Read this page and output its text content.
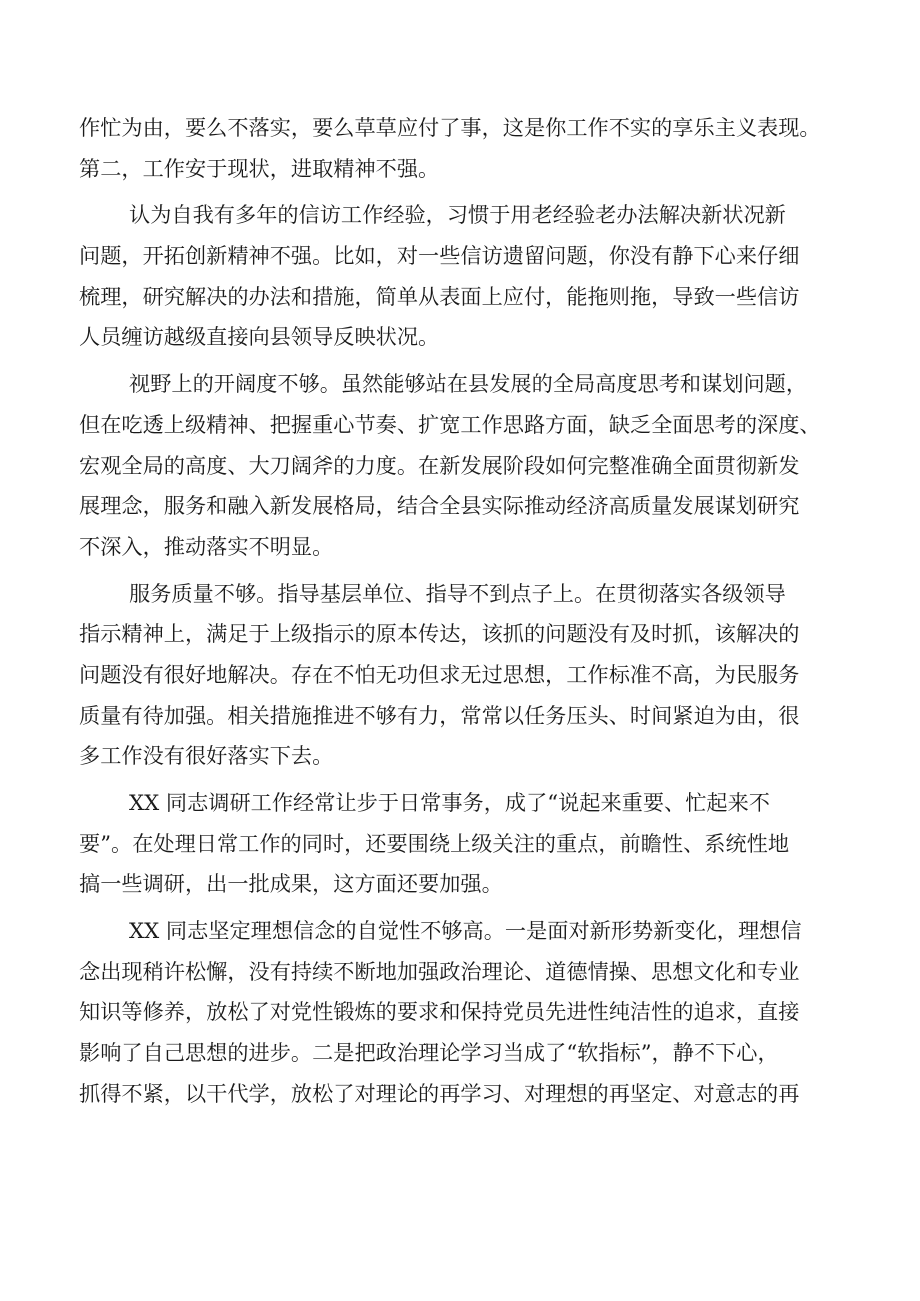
作忙为由，要么不落实，要么草草应付了事，这是你工作不实的享乐主义表现。
第二，工作安于现状，进取精神不强。
认为自我有多年的信访工作经验，习惯于用老经验老办法解决新状况新
问题，开拓创新精神不强。比如，对一些信访遗留问题，你没有静下心来仔细
梳理，研究解决的办法和措施，简单从表面上应付，能拖则拖，导致一些信访
人员缠访越级直接向县领导反映状况。
视野上的开阔度不够。虽然能够站在县发展的全局高度思考和谋划问题，
但在吃透上级精神、把握重心节奏、扩宽工作思路方面，缺乏全面思考的深度、
宏观全局的高度、大刀阔斧的力度。在新发展阶段如何完整准确全面贯彻新发
展理念，服务和融入新发展格局，结合全县实际推动经济高质量发展谋划研究
不深入，推动落实不明显。
服务质量不够。指导基层单位、指导不到点子上。在贯彻落实各级领导
指示精神上，满足于上级指示的原本传达，该抓的问题没有及时抓，该解决的
问题没有很好地解决。存在不怕无功但求无过思想，工作标准不高，为民服务
质量有待加强。相关措施推进不够有力，常常以任务压头、时间紧迫为由，很
多工作没有很好落实下去。
XX 同志调研工作经常让步于日常事务，成了“说起来重要、忙起来不
要”。在处理日常工作的同时，还要围绕上级关注的重点，前瞻性、系统性地
搞一些调研，出一批成果，这方面还要加强。
XX 同志坚定理想信念的自觉性不够高。一是面对新形势新变化，理想信
念出现稍许松懈，没有持续不断地加强政治理论、道德情操、思想文化和专业
知识等修养，放松了对党性锻炼的要求和保持党员先进性纯洁性的追求，直接
影响了自己思想的进步。二是把政治理论学习当成了“软指标”，静不下心，
抓得不紧，以干代学，放松了对理论的再学习、对理想的再坚定、对意志的再
